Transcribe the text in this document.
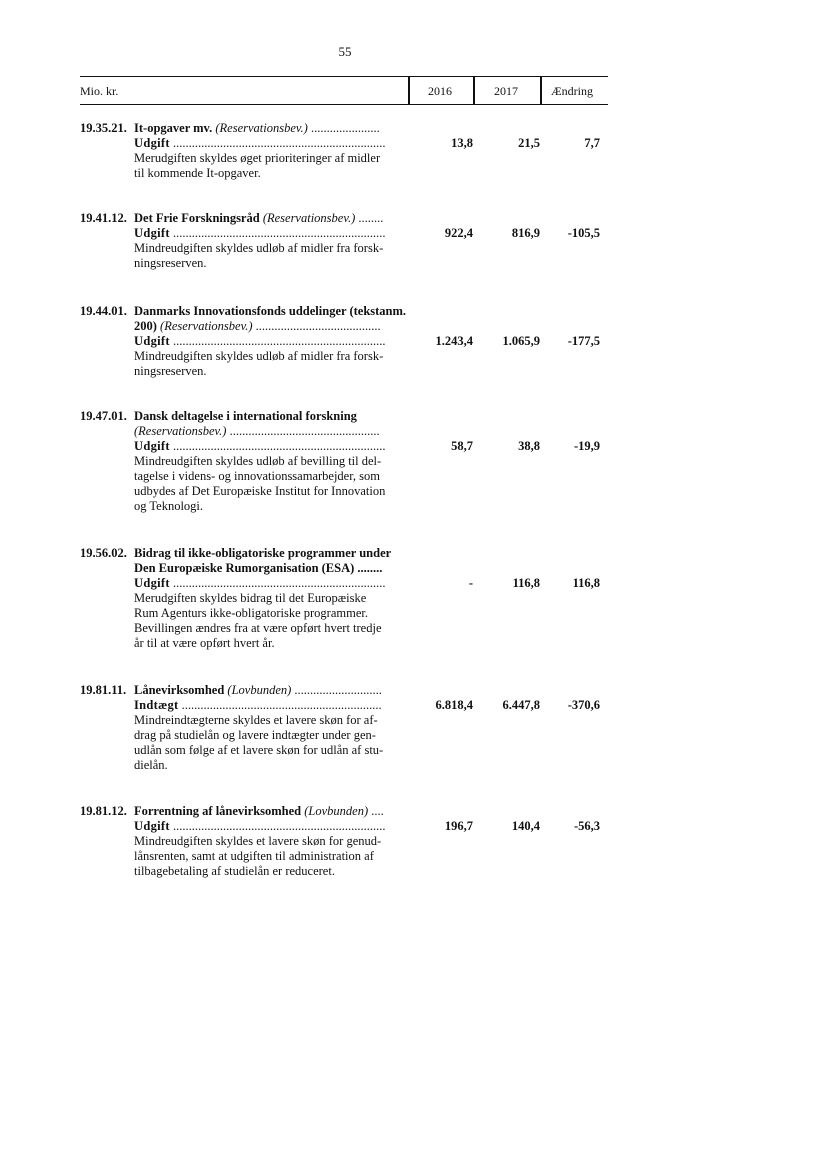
55
Mio. kr.	2016	2017	Ændring
19.35.21. It-opgaver mv. (Reservationsbev.) ......................
Udgift ....................................................................
Merudgiften skyldes øget prioriteringer af midler
til kommende It-opgaver.
13,8	21,5	7,7
19.41.12. Det Frie Forskningsråd (Reservationsbev.) ........
Udgift ....................................................................
Mindreudgiften skyldes udløb af midler fra forsk-
ningsreserven.
922,4	816,9	-105,5
19.44.01. Danmarks Innovationsfonds uddelinger (tekstanm.
200) (Reservationsbev.) ........................................
Udgift ....................................................................
Mindreudgiften skyldes udløb af midler fra forsk-
ningsreserven.
1.243,4	1.065,9	-177,5
19.47.01. Dansk deltagelse i international forskning
(Reservationsbev.) ................................................
Udgift ....................................................................
Mindreudgiften skyldes udløb af bevilling til del-
tagelse i videns- og innovationssamarbejder, som
udbydes af Det Europæiske Institut for Innovation
og Teknologi.
58,7	38,8	-19,9
19.56.02. Bidrag til ikke-obligatoriske programmer under
Den Europæiske Rumorganisation (ESA) ........
Udgift ....................................................................
Merudgiften skyldes bidrag til det Europæiske
Rum Agenturs ikke-obligatoriske programmer.
Bevillingen ændres fra at være opført hvert tredje
år til at være opført hvert år.
-	116,8	116,8
19.81.11. Lånevirksomhed (Lovbunden) ............................
Indtægt ................................................................
Mindreindtægterne skyldes et lavere skøn for af-
drag på studielån og lavere indtægter under gen-
udlån som følge af et lavere skøn for udlån af stu-
dielån.
6.818,4	6.447,8	-370,6
19.81.12. Forrentning af lånevirksomhed (Lovbunden) ....
Udgift ....................................................................
Mindreudgiften skyldes et lavere skøn for genud-
lånsrenten, samt at udgiften til administration af
tilbagebetaling af studielån er reduceret.
196,7	140,4	-56,3
